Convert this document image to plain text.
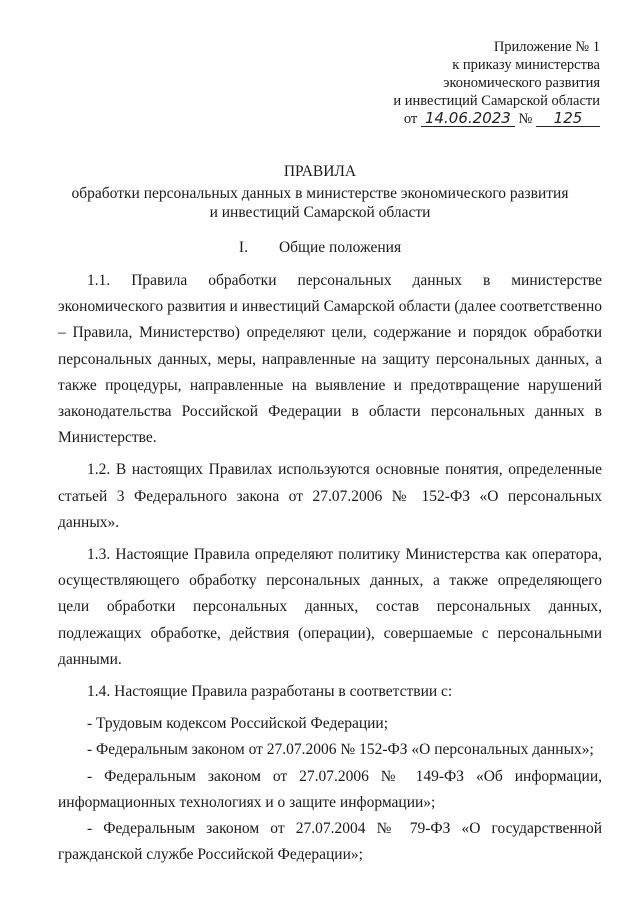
Приложение № 1
к приказу министерства
экономического развития
и инвестиций Самарской области
от 14.06.2023 № 125
ПРАВИЛА
обработки персональных данных в министерстве экономического развития
и инвестиций Самарской области
I. Общие положения

1.1. Правила обработки персональных данных в министерстве экономического развития и инвестиций Самарской области (далее соответственно – Правила, Министерство) определяют цели, содержание и порядок обработки персональных данных, меры, направленные на защиту персональных данных, а также процедуры, направленные на выявление и предотвращение нарушений законодательства Российской Федерации в области персональных данных в Министерстве.

1.2. В настоящих Правилах используются основные понятия, определенные статьей 3 Федерального закона от 27.07.2006 № 152-ФЗ «О персональных данных».

1.3. Настоящие Правила определяют политику Министерства как оператора, осуществляющего обработку персональных данных, а также определяющего цели обработки персональных данных, состав персональных данных, подлежащих обработке, действия (операции), совершаемые с персональными данными.

1.4. Настоящие Правила разработаны в соответствии с:

- Трудовым кодексом Российской Федерации;

- Федеральным законом от 27.07.2006 № 152-ФЗ «О персональных данных»;

- Федеральным законом от 27.07.2006 № 149-ФЗ «Об информации, информационных технологиях и о защите информации»;

- Федеральным законом от 27.07.2004 № 79-ФЗ «О государственной гражданской службе Российской Федерации»;
